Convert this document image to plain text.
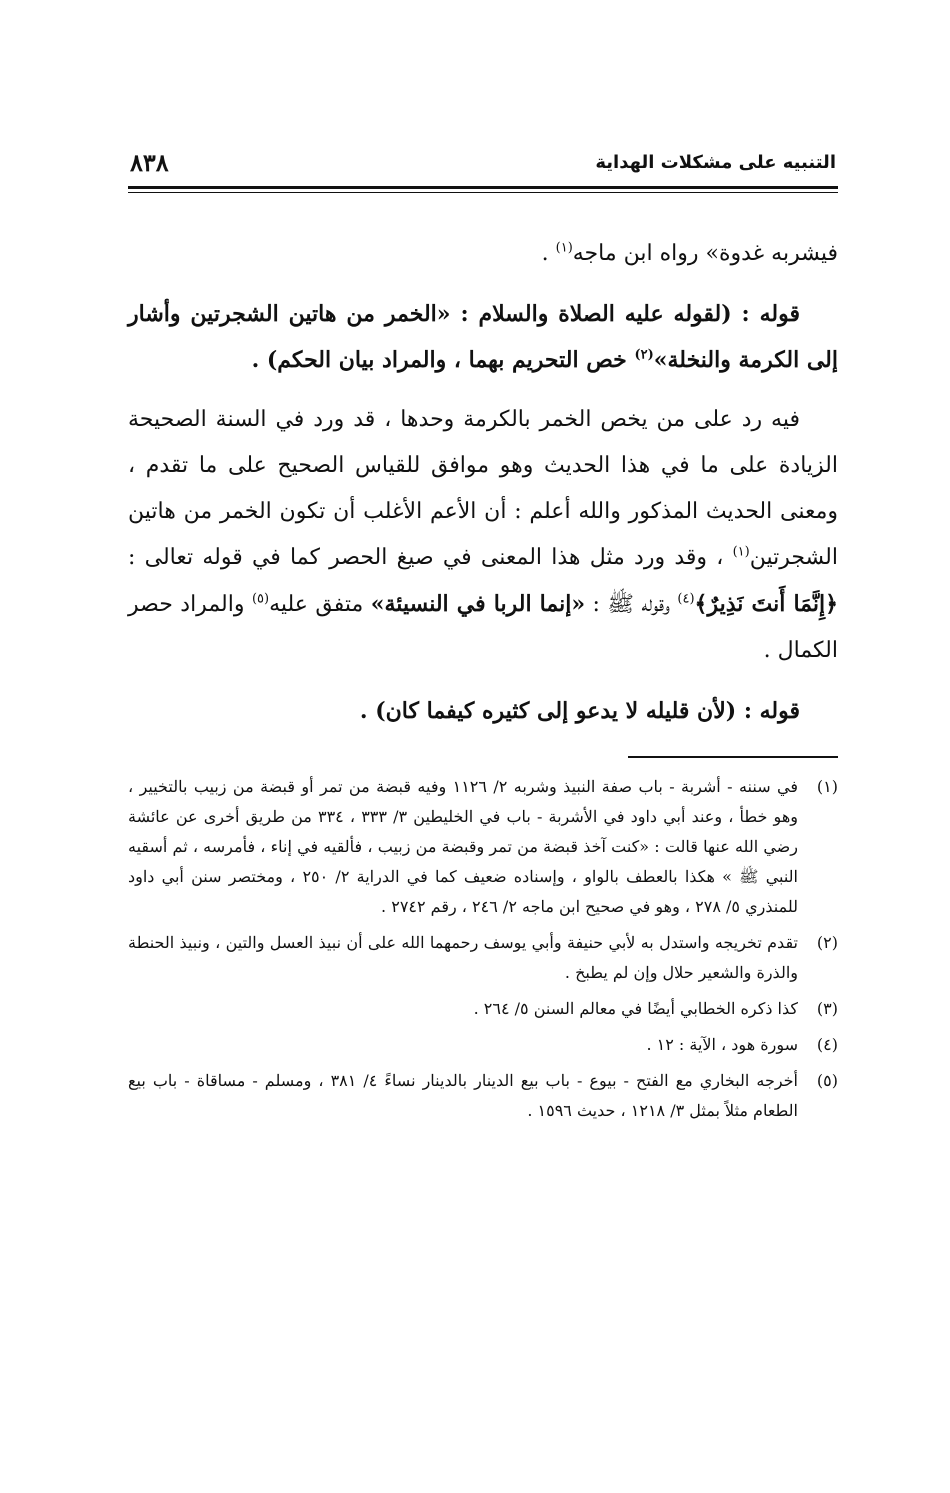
التنبيه على مشكلات الهداية
٨٣٨

فيشربه غدوة» رواه ابن ماجه$^{(١)}$ .

قوله : (لقوله عليه الصلاة والسلام : «الخمر من هاتين الشجرتين وأشار إلى الكرمة والنخلة»$^{(٢)}$ خص التحريم بهما ، والمراد بيان الحكم) .

فيه رد على من يخص الخمر بالكرمة وحدها ، قد ورد في السنة الصحيحة الزيادة على ما في هذا الحديث وهو موافق للقياس الصحيح على ما تقدم ، ومعنى الحديث المذكور والله أعلم : أن الأعم الأغلب أن تكون الخمر من هاتين الشجرتين$^{(١)}$ ، وقد ورد مثل هذا المعنى في صيغ الحصر كما في قوله تعالى : ﴿إِنَّمَا أَنتَ نَذِيرٌ﴾$^{(٤)}$ وقوله ﷺ : «إنما الربا في النسيئة» متفق عليه$^{(٥)}$ والمراد حصر الكمال .

قوله : (لأن قليله لا يدعو إلى كثيره كيفما كان) .

(١)
في سننه - أشربة - باب صفة النبيذ وشربه ٢/ ١١٢٦ وفيه قبضة من تمر أو قبضة من زبيب بالتخيير ، وهو خطأ ، وعند أبي داود في الأشربة - باب في الخليطين ٣/ ٣٣٣ ، ٣٣٤ من طريق أخرى عن عائشة رضي الله عنها قالت : «كنت آخذ قبضة من تمر وقبضة من زبيب ، فألقيه في إناء ، فأمرسه ، ثم أسقيه النبي ﷺ » هكذا بالعطف بالواو ، وإسناده ضعيف كما في الدراية ٢/ ٢٥٠ ، ومختصر سنن أبي داود للمنذري ٥/ ٢٧٨ ، وهو في صحيح ابن ماجه ٢/ ٢٤٦ ، رقم ٢٧٤٢ .
(٢)
تقدم تخريجه واستدل به لأبي حنيفة وأبي يوسف رحمهما الله على أن نبيذ العسل والتين ، ونبيذ الحنطة والذرة والشعير حلال وإن لم يطبخ .
(٣)
كذا ذكره الخطابي أيضًا في معالم السنن ٥/ ٢٦٤ .
(٤)
سورة هود ، الآية : ١٢ .
(٥)
أخرجه البخاري مع الفتح - بيوع - باب بيع الدينار بالدينار نساءً ٤/ ٣٨١ ، ومسلم - مساقاة - باب بيع الطعام مثلاً بمثل ٣/ ١٢١٨ ، حديث ١٥٩٦ .
